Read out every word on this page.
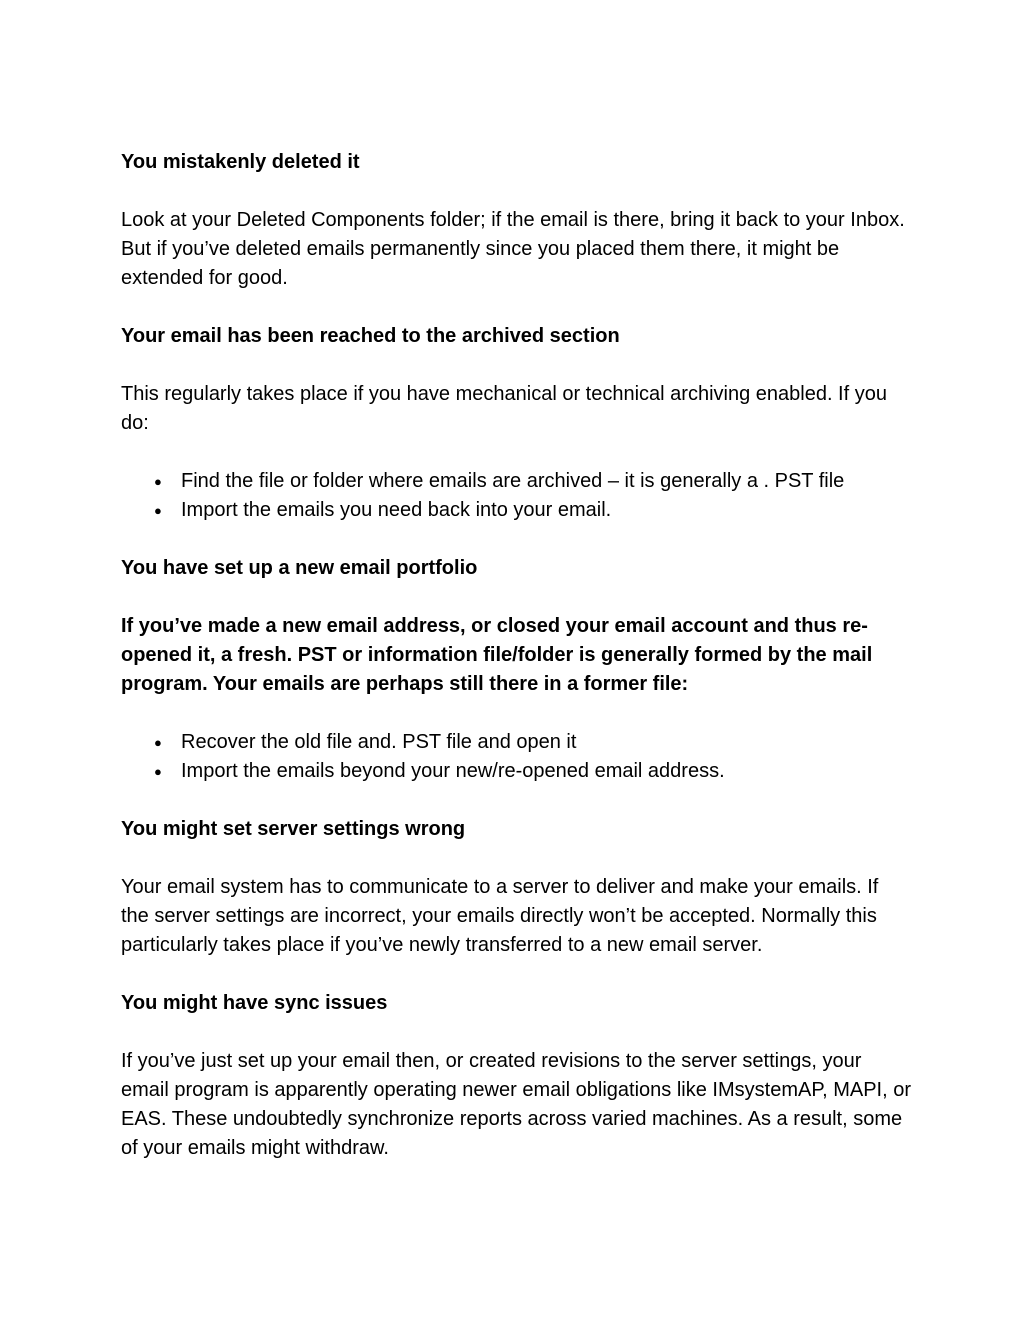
You mistakenly deleted it

Look at your Deleted Components folder; if the email is there, bring it back to your Inbox. But if you’ve deleted emails permanently since you placed them there, it might be extended for good.

Your email has been reached to the archived section

This regularly takes place if you have mechanical or technical archiving enabled. If you do:

● Find the file or folder where emails are archived – it is generally a . PST file
● Import the emails you need back into your email.

You have set up a new email portfolio

If you’ve made a new email address, or closed your email account and thus re-opened it, a fresh. PST or information file/folder is generally formed by the mail program. Your emails are perhaps still there in a former file:

● Recover the old file and. PST file and open it
● Import the emails beyond your new/re-opened email address.

You might set server settings wrong

Your email system has to communicate to a server to deliver and make your emails. If the server settings are incorrect, your emails directly won’t be accepted. Normally this particularly takes place if you’ve newly transferred to a new email server.

You might have sync issues

If you’ve just set up your email then, or created revisions to the server settings, your email program is apparently operating newer email obligations like IMsystemAP, MAPI, or EAS. These undoubtedly synchronize reports across varied machines. As a result, some of your emails might withdraw.
